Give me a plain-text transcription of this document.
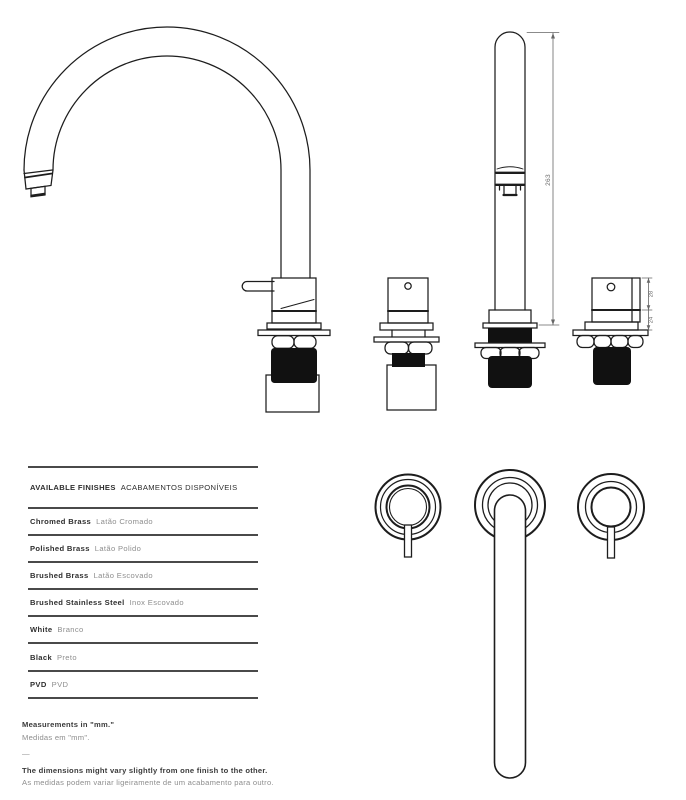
263
28
24
AVAILABLE FINISHES ACABAMENTOS DISPONÍVEIS
Chromed Brass Latão Cromado
Polished Brass Latão Polido
Brushed Brass Latão Escovado
Brushed Stainless Steel Inox Escovado
White Branco
Black Preto
PVD PVD
Measurements in "mm."
Medidas em "mm".
—
The dimensions might vary slightly from one finish to the other.
As medidas podem variar ligeiramente de um acabamento para outro.
